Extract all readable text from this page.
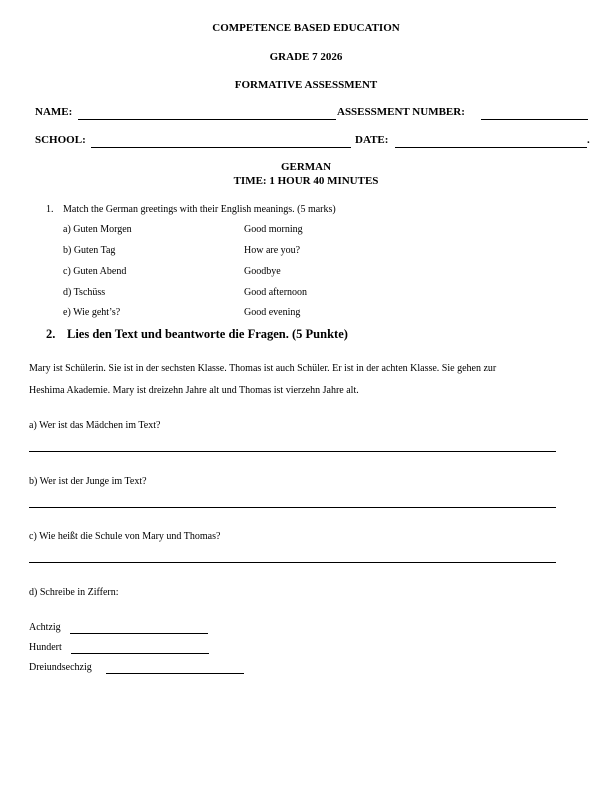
COMPETENCE BASED EDUCATION
GRADE 7 2026
FORMATIVE ASSESSMENT
NAME:	ASSESSMENT NUMBER:
SCHOOL:	DATE:	.
GERMAN
TIME: 1 HOUR 40 MINUTES
1. Match the German greetings with their English meanings. (5 marks)
a) Guten Morgen	Good morning
b) Guten Tag	How are you?
c) Guten Abend	Goodbye
d) Tschüss	Good afternoon
e) Wie geht’s?	Good evening
2. Lies den Text und beantworte die Fragen. (5 Punkte)
Mary ist Schülerin. Sie ist in der sechsten Klasse. Thomas ist auch Schüler. Er ist in der achten Klasse. Sie gehen zur
Heshima Akademie. Mary ist dreizehn Jahre alt und Thomas ist vierzehn Jahre alt.
a) Wer ist das Mädchen im Text?
b) Wer ist der Junge im Text?
c) Wie heißt die Schule von Mary und Thomas?
d) Schreibe in Ziffern:
Achtzig
Hundert
Dreiundsechzig
